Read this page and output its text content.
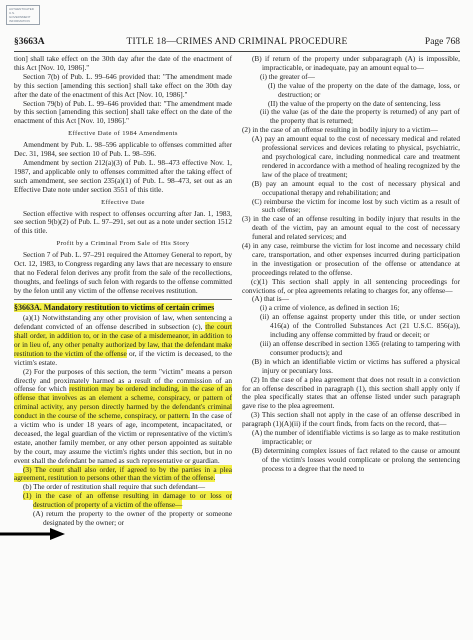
AUTHENTICATED
U.S. GOVERNMENT
INFORMATION
GPO
TITLE 18—CRIMES AND CRIMINAL PROCEDURE
§3663A	Page 768

tion] shall take effect on the 30th day after the date of the enactment of this Act [Nov. 10, 1986]."

Section 7(b) of Pub. L. 99–646 provided that: "The amendment made by this section [amending this section] shall take effect on the 30th day after the date of the enactment of this Act [Nov. 10, 1986]."

Section 79(b) of Pub. L. 99–646 provided that: "The amendment made by this section [amending this section] shall take effect on the date of the enactment of this Act [Nov. 10, 1986]."

Effective Date of 1984 Amendments

Amendment by Pub. L. 98–596 applicable to offenses committed after Dec. 31, 1984, see section 10 of Pub. L. 98–596.

Amendment by section 212(a)(3) of Pub. L. 98–473 effective Nov. 1, 1987, and applicable only to offenses committed after the taking effect of such amendment, see section 235(a)(1) of Pub. L. 98–473, set out as an Effective Date note under section 3551 of this title.

Effective Date

Section effective with respect to offenses occurring after Jan. 1, 1983, see section 9(b)(2) of Pub. L. 97–291, set out as a note under section 1512 of this title.

Profit by a Criminal From Sale of His Story

Section 7 of Pub. L. 97–291 required the Attorney General to report, by Oct. 12, 1983, to Congress regarding any laws that are necessary to ensure that no Federal felon derives any profit from the sale of the recollections, thoughts, and feelings of such felon with regards to the offense committed by the felon until any victim of the offense receives restitution.

§3663A. Mandatory restitution to victims of certain crimes

(a)(1) Notwithstanding any other provision of law, when sentencing a defendant convicted of an offense described in subsection (c), the court shall order, in addition to, or in the case of a misdemeanor, in addition to or in lieu of, any other penalty authorized by law, that the defendant make restitution to the victim of the offense or, if the victim is deceased, to the victim's estate.

(2) For the purposes of this section, the term "victim" means a person directly and proximately harmed as a result of the commission of an offense for which restitution may be ordered including, in the case of an offense that involves as an element a scheme, conspiracy, or pattern of criminal activity, any person directly harmed by the defendant's criminal conduct in the course of the scheme, conspiracy, or pattern. In the case of a victim who is under 18 years of age, incompetent, incapacitated, or deceased, the legal guardian of the victim or representative of the victim's estate, another family member, or any other person appointed as suitable by the court, may assume the victim's rights under this section, but in no event shall the defendant be named as such representative or guardian.

(3) The court shall also order, if agreed to by the parties in a plea agreement, restitution to persons other than the victim of the offense.

(b) The order of restitution shall require that such defendant—

(1) in the case of an offense resulting in damage to or loss or destruction of property of a victim of the offense—

(A) return the property to the owner of the property or someone designated by the owner; or

(B) if return of the property under subparagraph (A) is impossible, impracticable, or inadequate, pay an amount equal to—

(i) the greater of—

(I) the value of the property on the date of the damage, loss, or destruction; or

(II) the value of the property on the date of sentencing, less

(ii) the value (as of the date the property is returned) of any part of the property that is returned;

(2) in the case of an offense resulting in bodily injury to a victim—

(A) pay an amount equal to the cost of necessary medical and related professional services and devices relating to physical, psychiatric, and psychological care, including nonmedical care and treatment rendered in accordance with a method of healing recognized by the law of the place of treatment;

(B) pay an amount equal to the cost of necessary physical and occupational therapy and rehabilitation; and

(C) reimburse the victim for income lost by such victim as a result of such offense;

(3) in the case of an offense resulting in bodily injury that results in the death of the victim, pay an amount equal to the cost of necessary funeral and related services; and

(4) in any case, reimburse the victim for lost income and necessary child care, transportation, and other expenses incurred during participation in the investigation or prosecution of the offense or attendance at proceedings related to the offense.

(c)(1) This section shall apply in all sentencing proceedings for convictions of, or plea agreements relating to charges for, any offense—

(A) that is—

(i) a crime of violence, as defined in section 16;

(ii) an offense against property under this title, or under section 416(a) of the Controlled Substances Act (21 U.S.C. 856(a)), including any offense committed by fraud or deceit; or

(iii) an offense described in section 1365 (relating to tampering with consumer products); and

(B) in which an identifiable victim or victims has suffered a physical injury or pecuniary loss.

(2) In the case of a plea agreement that does not result in a conviction for an offense described in paragraph (1), this section shall apply only if the plea specifically states that an offense listed under such paragraph gave rise to the plea agreement.

(3) This section shall not apply in the case of an offense described in paragraph (1)(A)(ii) if the court finds, from facts on the record, that—

(A) the number of identifiable victims is so large as to make restitution impracticable; or

(B) determining complex issues of fact related to the cause or amount of the victim's losses would complicate or prolong the sentencing process to a degree that the need to
